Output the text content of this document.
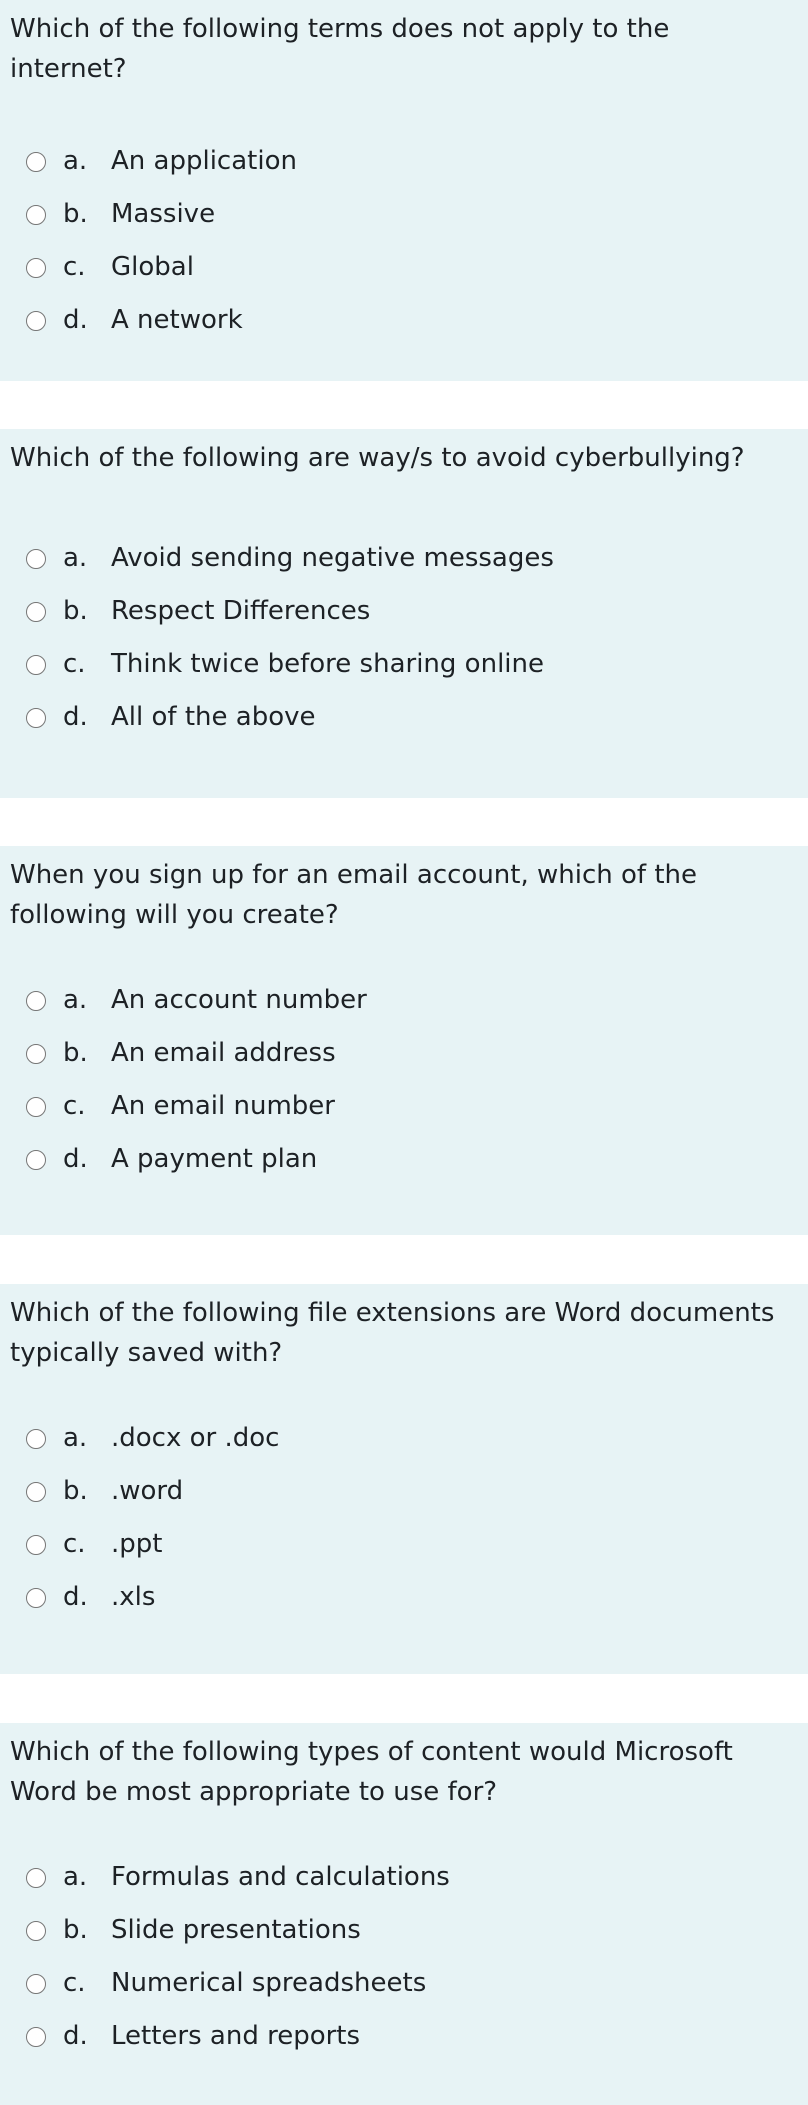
Which of the following terms does not apply to the internet?

a. An application
b. Massive
c. Global
d. A network

Which of the following are way/s to avoid cyberbullying?

a. Avoid sending negative messages
b. Respect Differences
c. Think twice before sharing online
d. All of the above

When you sign up for an email account, which of the following will you create?

a. An account number
b. An email address
c. An email number
d. A payment plan

Which of the following file extensions are Word documents typically saved with?

a. .docx or .doc
b. .word
c. .ppt
d. .xls

Which of the following types of content would Microsoft Word be most appropriate to use for?

a. Formulas and calculations
b. Slide presentations
c. Numerical spreadsheets
d. Letters and reports
